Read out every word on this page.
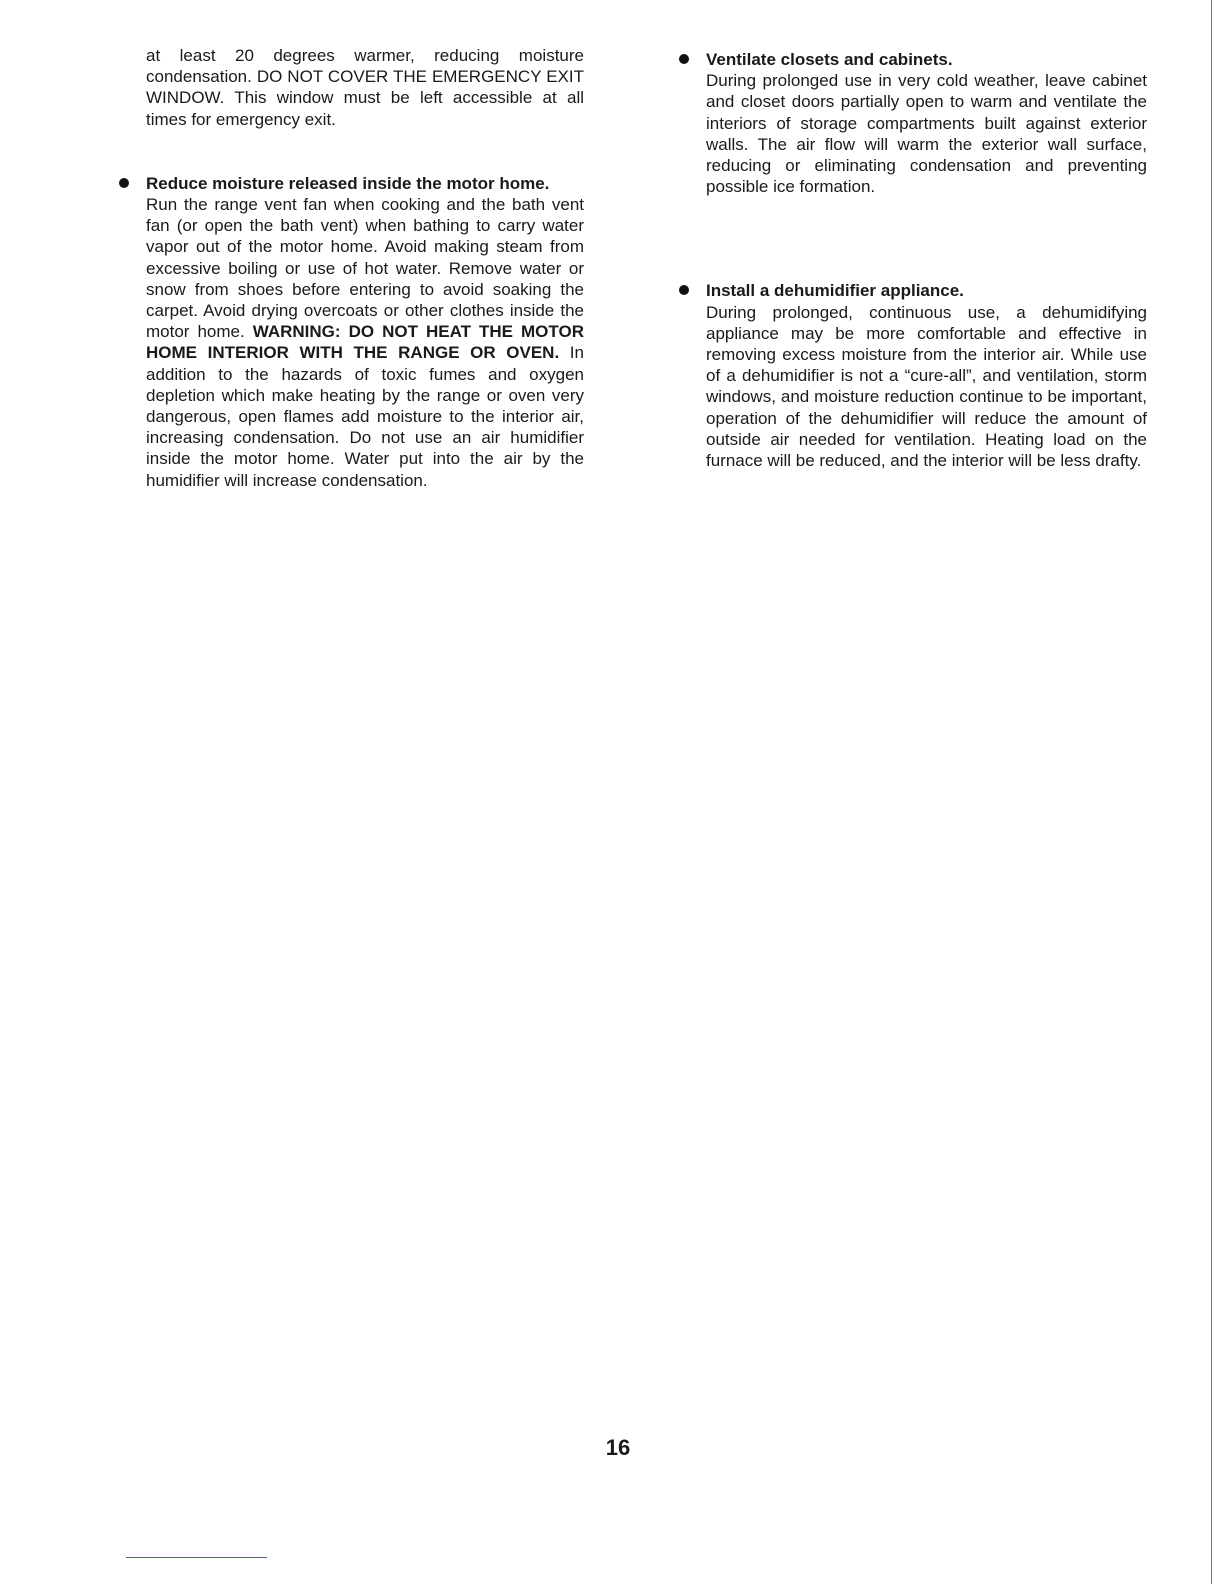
at least 20 degrees warmer, reducing moisture condensation. DO NOT COVER THE EMERGENCY EXIT WINDOW. This window must be left accessible at all times for emergency exit.

Reduce moisture released inside the motor home.
Run the range vent fan when cooking and the bath vent fan (or open the bath vent) when bathing to carry water vapor out of the motor home. Avoid making steam from excessive boiling or use of hot water. Remove water or snow from shoes before entering to avoid soaking the carpet. Avoid drying overcoats or other clothes inside the motor home. WARNING: DO NOT HEAT THE MOTOR HOME INTERIOR WITH THE RANGE OR OVEN. In addition to the hazards of toxic fumes and oxygen depletion which make heating by the range or oven very dangerous, open flames add moisture to the interior air, increasing condensation. Do not use an air humidifier inside the motor home. Water put into the air by the humidifier will increase condensation.

Ventilate closets and cabinets.
During prolonged use in very cold weather, leave cabinet and closet doors partially open to warm and ventilate the interiors of storage compartments built against exterior walls. The air flow will warm the exterior wall surface, reducing or eliminating condensation and preventing possible ice formation.

Install a dehumidifier appliance.
During prolonged, continuous use, a dehumidifying appliance may be more comfortable and effective in removing excess moisture from the interior air. While use of a dehumidifier is not a “cure-all”, and ventilation, storm windows, and moisture reduction continue to be important, operation of the dehumidifier will reduce the amount of outside air needed for ventilation. Heating load on the furnace will be reduced, and the interior will be less drafty.

16
